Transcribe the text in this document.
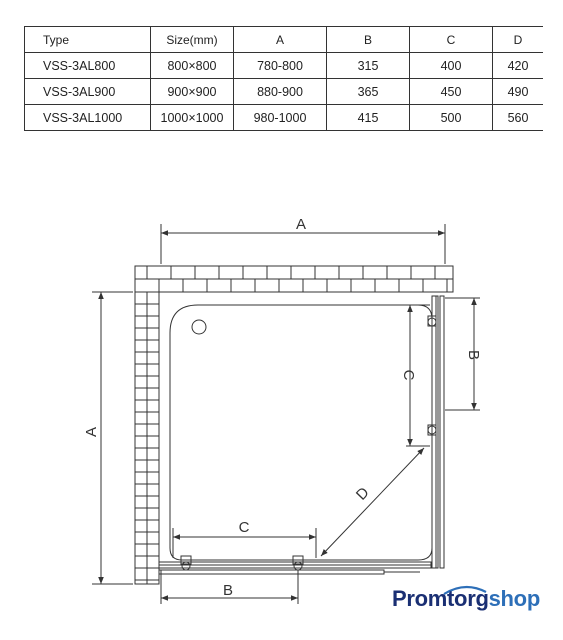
Type	Size(mm)	A	B	C	D
VSS-3AL800	800×800	780-800	315	400	420
VSS-3AL900	900×900	880-900	365	450	490
VSS-3AL1000	1000×1000	980-1000	415	500	560
A
A
B
C
C
B
D
Promtorgshop
